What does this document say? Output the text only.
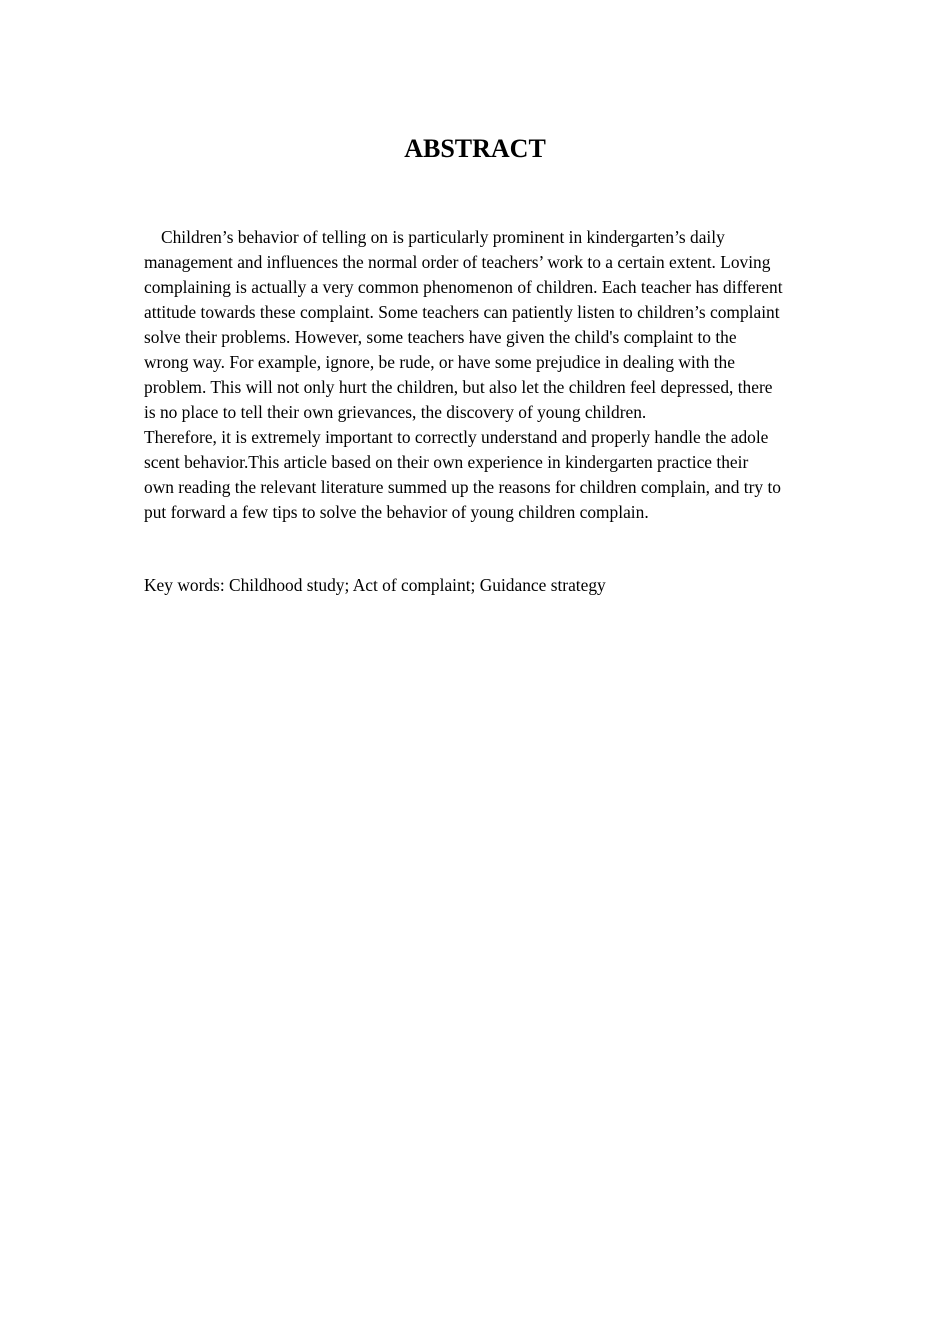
ABSTRACT
Children’s behavior of telling on is particularly prominent in kindergarten’s daily
management and influences the normal order of teachers’ work to a certain extent. Loving
complaining is actually a very common phenomenon of children. Each teacher has different
attitude towards these complaint. Some teachers can patiently listen to children’s complaint
solve their problems. However, some teachers have given the child's complaint to the
wrong way. For example, ignore, be rude, or have some prejudice in dealing with the
problem. This will not only hurt the children, but also let the children feel depressed, there
is no place to tell their own grievances, the discovery of young children.
Therefore, it is extremely important to correctly understand and properly handle the adole
scent behavior.This article based on their own experience in kindergarten practice their
own reading the relevant literature summed up the reasons for children complain, and try to
put forward a few tips to solve the behavior of young children complain.
Key words: Childhood study; Act of complaint; Guidance strategy
